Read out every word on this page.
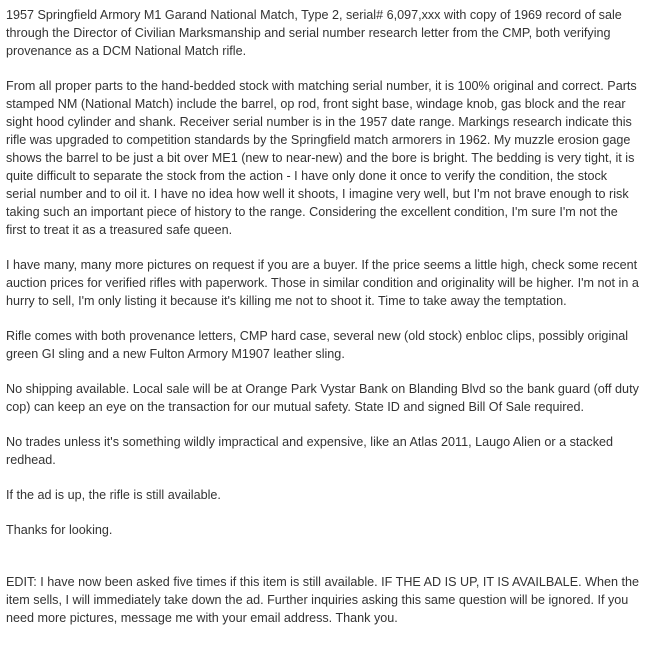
1957 Springfield Armory M1 Garand National Match, Type 2, serial# 6,097,xxx with copy of 1969 record of sale through the Director of Civilian Marksmanship and serial number research letter from the CMP, both verifying provenance as a DCM National Match rifle.

From all proper parts to the hand-bedded stock with matching serial number, it is 100% original and correct. Parts stamped NM (National Match) include the barrel, op rod, front sight base, windage knob, gas block and the rear sight hood cylinder and shank. Receiver serial number is in the 1957 date range. Markings research indicate this rifle was upgraded to competition standards by the Springfield match armorers in 1962. My muzzle erosion gage shows the barrel to be just a bit over ME1 (new to near-new) and the bore is bright. The bedding is very tight, it is quite difficult to separate the stock from the action - I have only done it once to verify the condition, the stock serial number and to oil it. I have no idea how well it shoots, I imagine very well, but I'm not brave enough to risk taking such an important piece of history to the range. Considering the excellent condition, I'm sure I'm not the first to treat it as a treasured safe queen.

I have many, many more pictures on request if you are a buyer. If the price seems a little high, check some recent auction prices for verified rifles with paperwork. Those in similar condition and originality will be higher. I'm not in a hurry to sell, I'm only listing it because it's killing me not to shoot it. Time to take away the temptation.

Rifle comes with both provenance letters, CMP hard case, several new (old stock) enbloc clips, possibly original green GI sling and a new Fulton Armory M1907 leather sling.

No shipping available. Local sale will be at Orange Park Vystar Bank on Blanding Blvd so the bank guard (off duty cop) can keep an eye on the transaction for our mutual safety. State ID and signed Bill Of Sale required.

No trades unless it's something wildly impractical and expensive, like an Atlas 2011, Laugo Alien or a stacked redhead.

If the ad is up, the rifle is still available.

Thanks for looking.

EDIT: I have now been asked five times if this item is still available. IF THE AD IS UP, IT IS AVAILBALE. When the item sells, I will immediately take down the ad. Further inquiries asking this same question will be ignored. If you need more pictures, message me with your email address. Thank you.
